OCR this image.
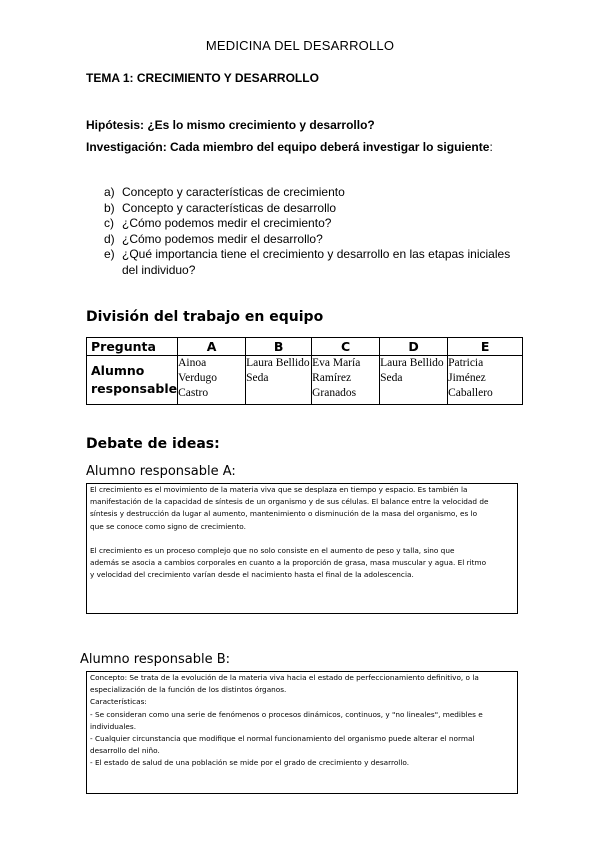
MEDICINA DEL DESARROLLO
TEMA 1: CRECIMIENTO Y DESARROLLO
Hipótesis: ¿Es lo mismo crecimiento y desarrollo?
Investigación: Cada miembro del equipo deberá investigar lo siguiente:
a) Concepto y características de crecimiento
b) Concepto y características de desarrollo
c) ¿Cómo podemos medir el crecimiento?
d) ¿Cómo podemos medir el desarrollo?
e) ¿Qué importancia tiene el crecimiento y desarrollo en las etapas iniciales del individuo?
División del trabajo en equipo
Pregunta	A	B	C	D	E
Alumno responsable	Ainoa Verdugo Castro	Laura Bellido Seda	Eva María Ramírez Granados	Laura Bellido Seda	Patricia Jiménez Caballero
Debate de ideas:
Alumno responsable A:

El crecimiento es el movimiento de la materia viva que se desplaza en tiempo y espacio. Es también la
manifestación de la capacidad de síntesis de un organismo y de sus células. El balance entre la velocidad de
síntesis y destrucción da lugar al aumento, mantenimiento o disminución de la masa del organismo, es lo
que se conoce como signo de crecimiento.

El crecimiento es un proceso complejo que no solo consiste en el aumento de peso y talla, sino que
además se asocia a cambios corporales en cuanto a la proporción de grasa, masa muscular y agua. El ritmo
y velocidad del crecimiento varían desde el nacimiento hasta el final de la adolescencia.

Alumno responsable B:

Concepto: Se trata de la evolución de la materia viva hacia el estado de perfeccionamiento definitivo, o la
especialización de la función de los distintos órganos.

Características:
- Se consideran como una serie de fenómenos o procesos dinámicos, continuos, y "no lineales", medibles e
individuales.
- Cualquier circunstancia que modifique el normal funcionamiento del organismo puede alterar el normal
desarrollo del niño.
- El estado de salud de una población se mide por el grado de crecimiento y desarrollo.
